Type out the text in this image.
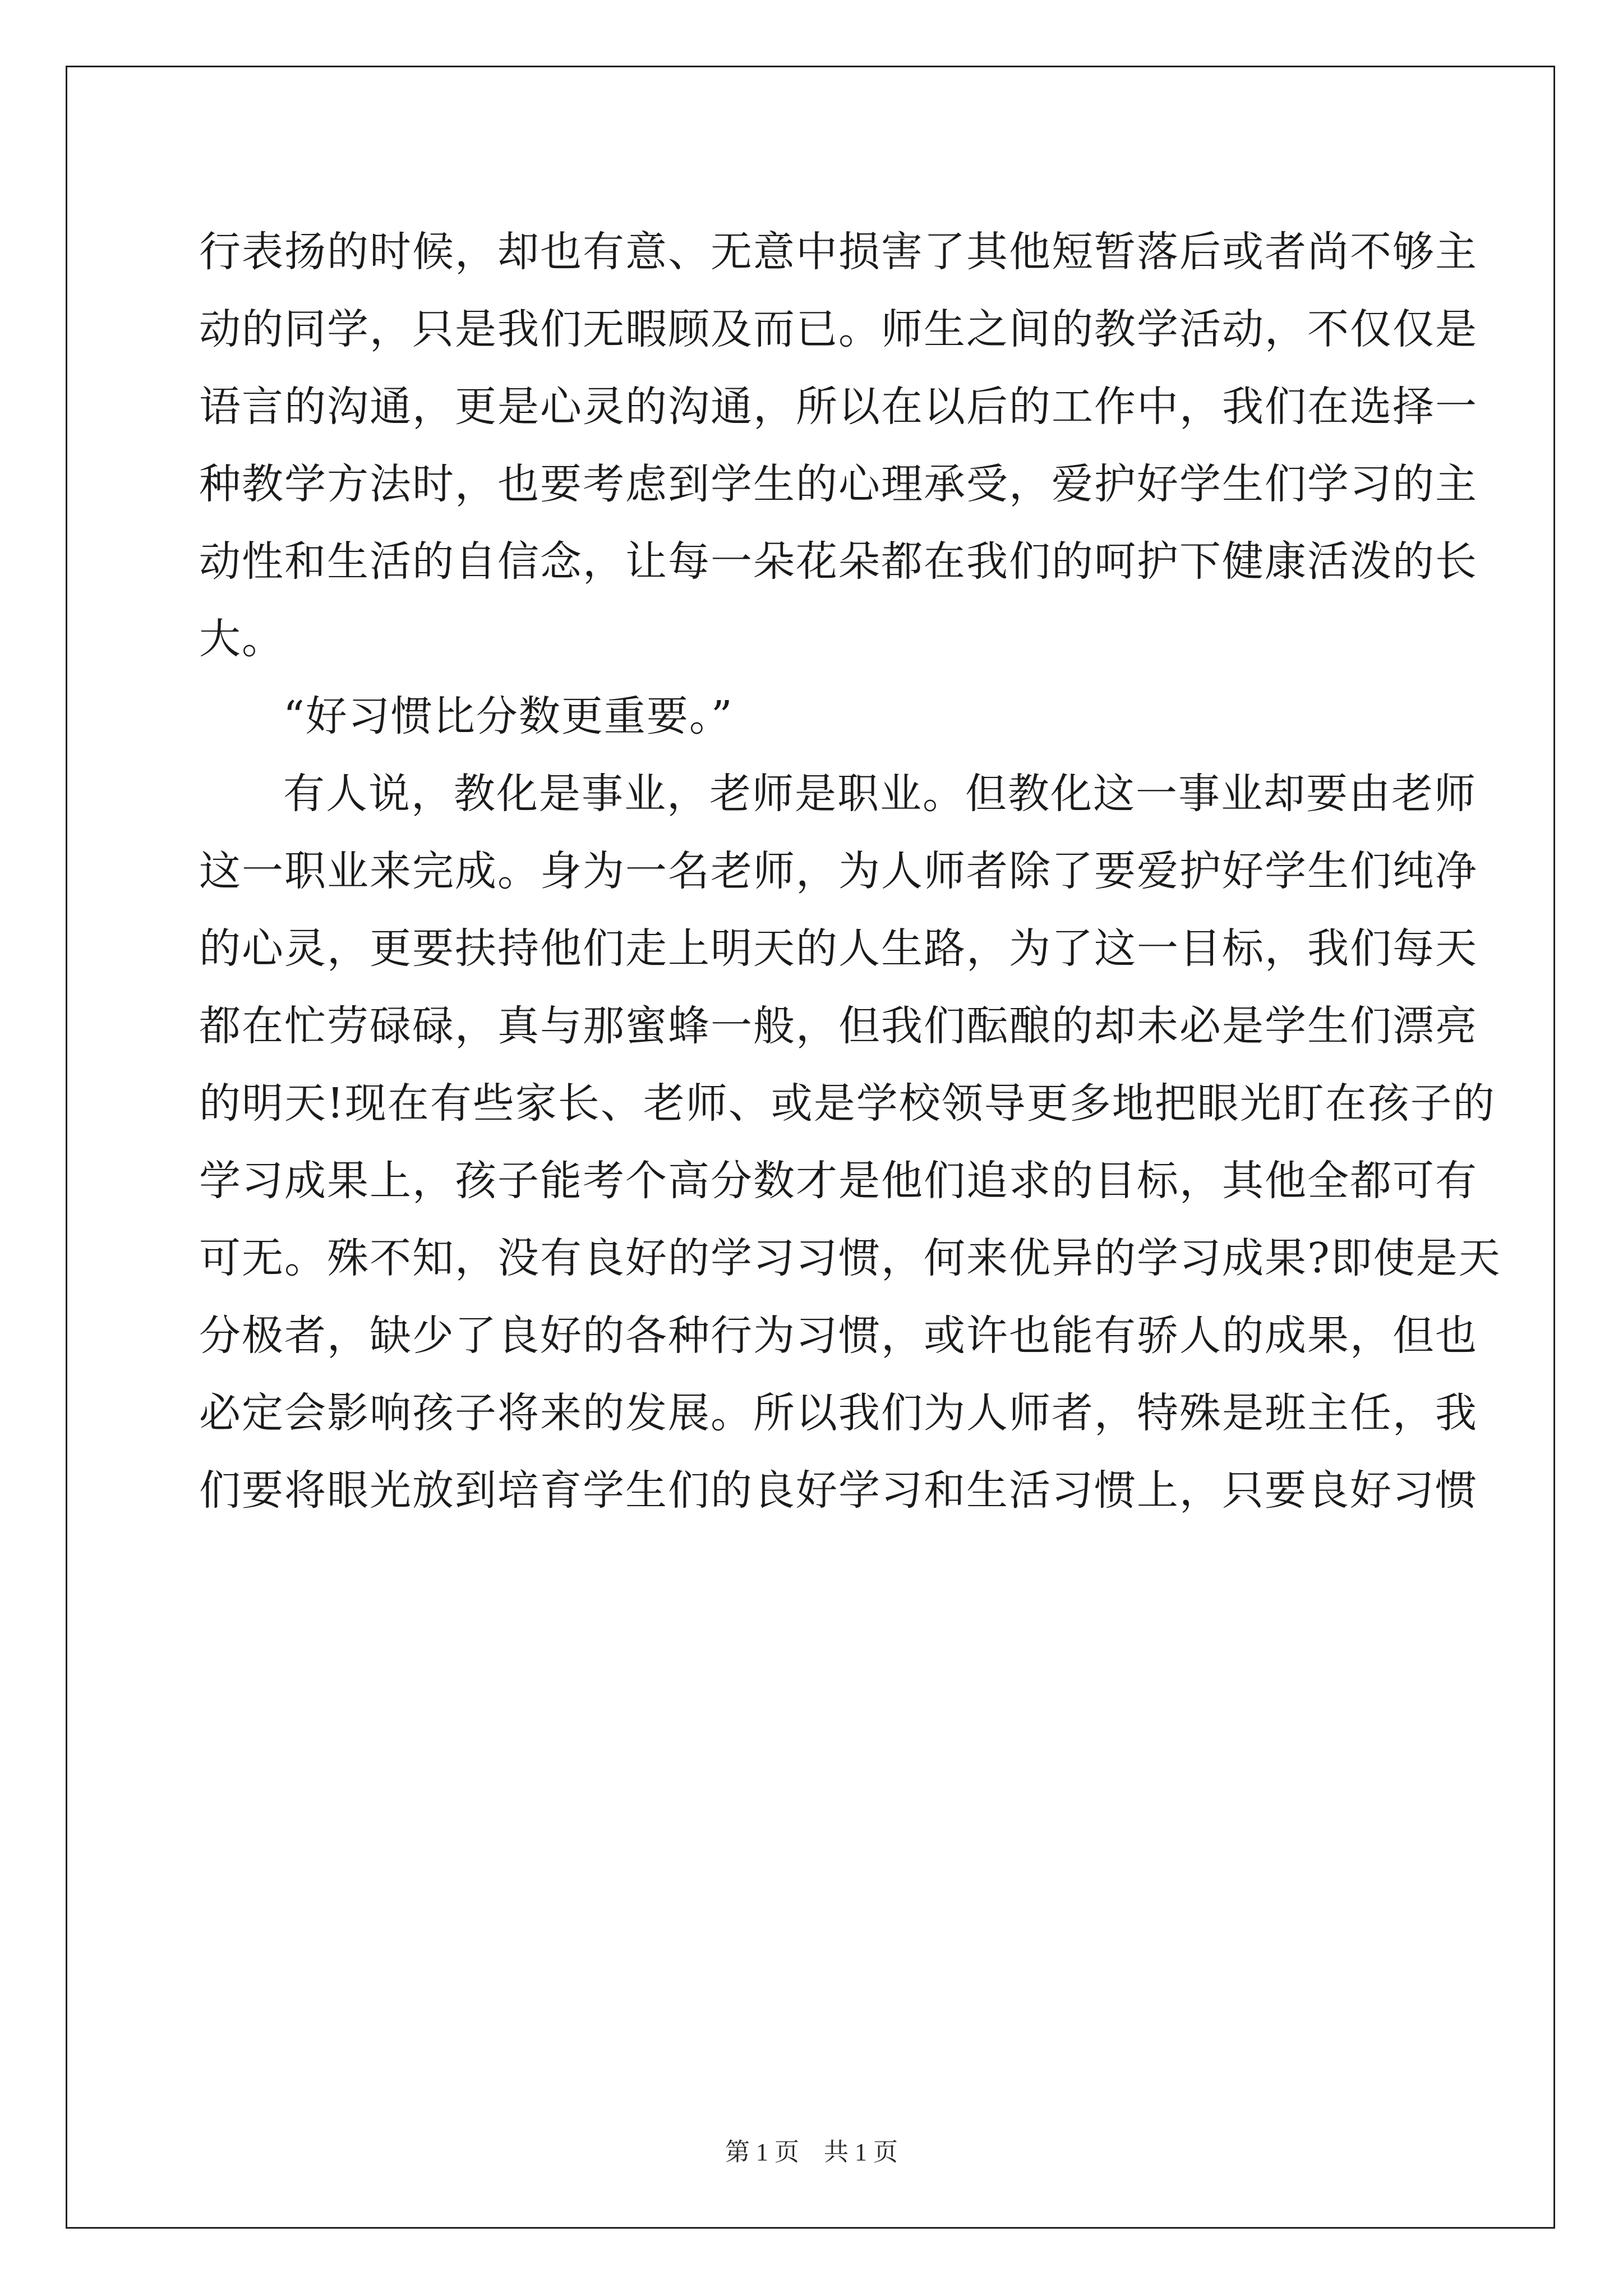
行表扬的时候，却也有意、无意中损害了其他短暂落后或者尚不够主
动的同学，只是我们无暇顾及而已。师生之间的教学活动，不仅仅是
语言的沟通，更是心灵的沟通，所以在以后的工作中，我们在选择一
种教学方法时，也要考虑到学生的心理承受，爱护好学生们学习的主
动性和生活的自信念，让每一朵花朵都在我们的呵护下健康活泼的长
大。
“好习惯比分数更重要。”
有人说，教化是事业，老师是职业。但教化这一事业却要由老师
这一职业来完成。身为一名老师，为人师者除了要爱护好学生们纯净
的心灵，更要扶持他们走上明天的人生路，为了这一目标，我们每天
都在忙劳碌碌，真与那蜜蜂一般，但我们酝酿的却未必是学生们漂亮
的明天!现在有些家长、老师、或是学校领导更多地把眼光盯在孩子的
学习成果上，孩子能考个高分数才是他们追求的目标，其他全都可有
可无。殊不知，没有良好的学习习惯，何来优异的学习成果?即使是天
分极者，缺少了良好的各种行为习惯，或许也能有骄人的成果，但也
必定会影响孩子将来的发展。所以我们为人师者，特殊是班主任，我
们要将眼光放到培育学生们的良好学习和生活习惯上，只要良好习惯
第 1 页　共 1 页
